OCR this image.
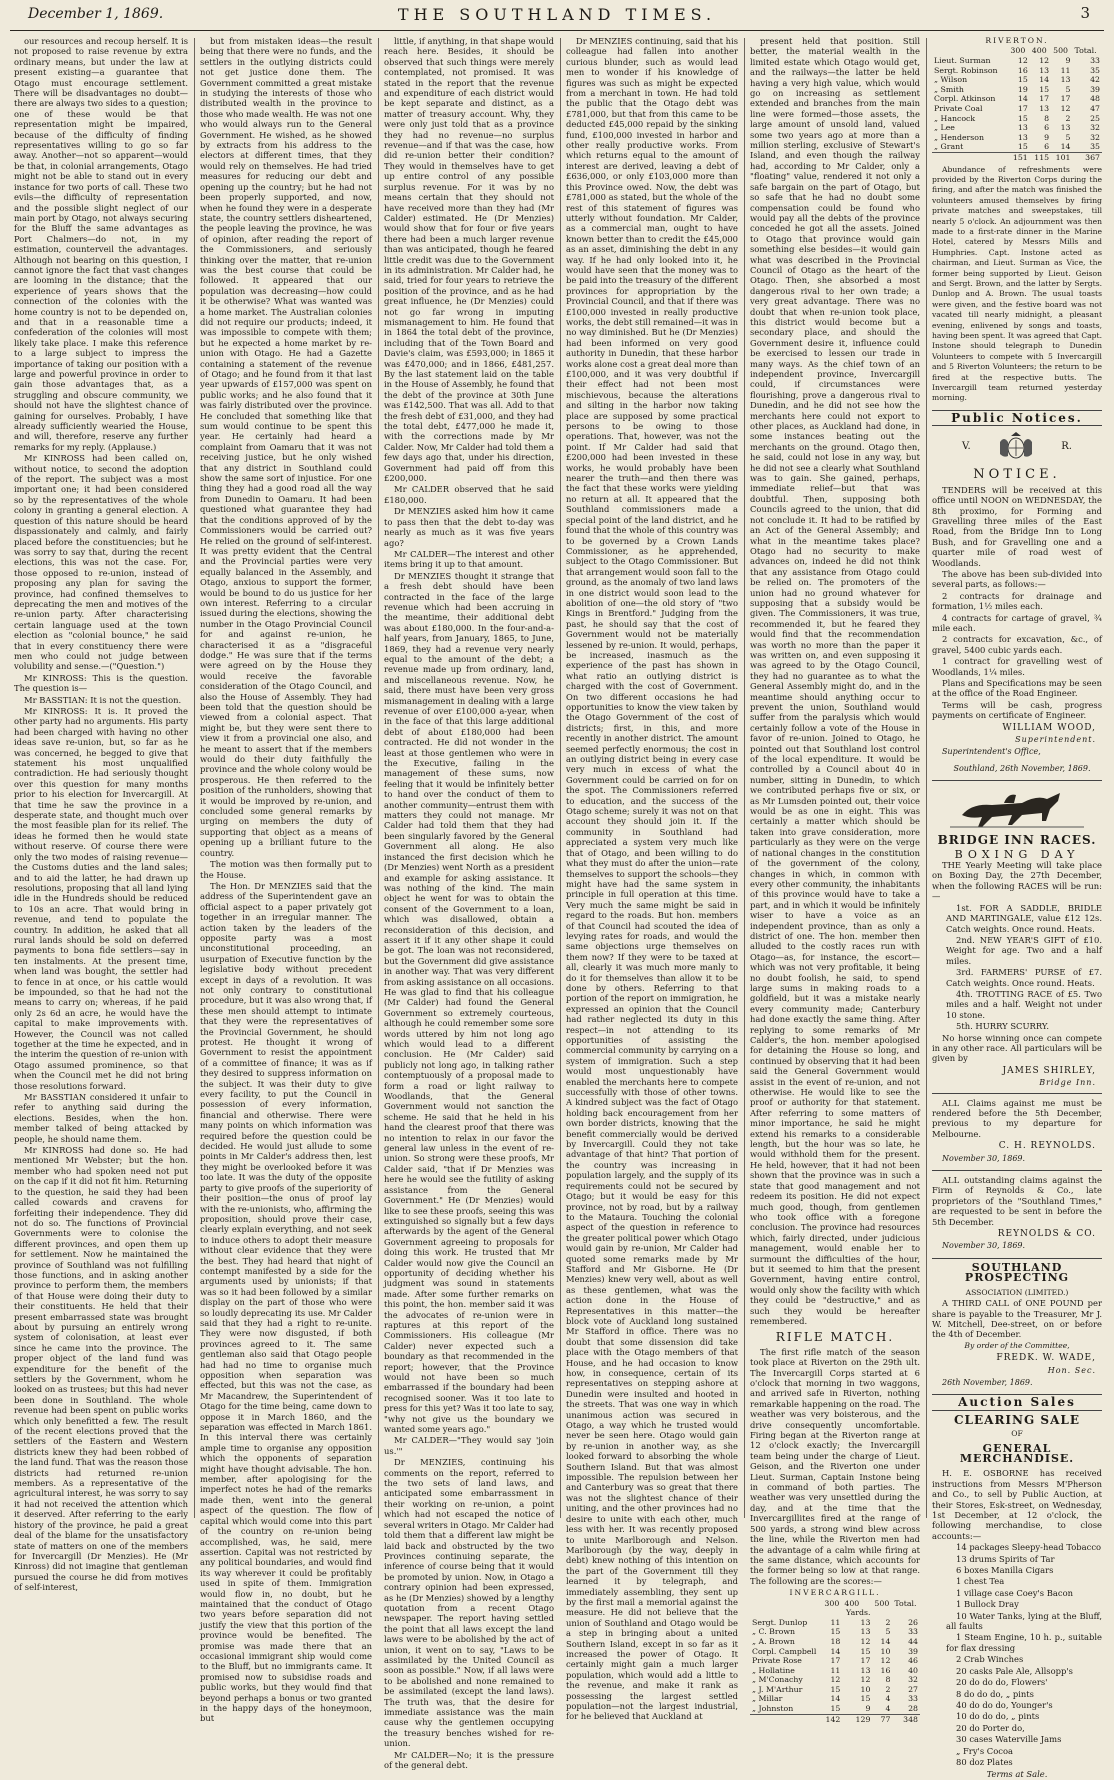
December 1, 1869.	THE SOUTHLAND TIMES.	3

our resources and recoup herself. It is not proposed to raise revenue by extra ordinary means, but under the law at present existing—a guarantee that Otago must encourage settlement. There will be disadvantages no doubt—there are always two sides to a question; one of these would be that representation might be impaired, because of the difficulty of finding representatives willing to go so far away. Another—not so apparent—would be that, in colonial arrangements, Otago might not be able to stand out in every instance for two ports of call. These two evils—the difficulty of representation and the possible slight neglect of our main port by Otago, not always securing for the Bluff the same advantages as Port Chalmers—do not, in my estimation, counterveil the advantages. Although not bearing on this question, I cannot ignore the fact that vast changes are looming in the distance; that the experience of years shows that the connection of the colonies with the home country is not to be depended on, and that in a reasonable time a confederation of the colonies will most likely take place. I make this reference to a large subject to impress the importance of taking our position with a large and powerful province in order to gain those advantages that, as a struggling and obscure community, we should not have the slightest chance of gaining for ourselves. Probably, I have already sufficiently wearied the House, and will, therefore, reserve any further remarks for my reply. (Applause.)

Mr KINROSS had been called on, without notice, to second the adoption of the report. The subject was a most important one; it had been considered so by the representatives of the whole colony in granting a general election. A question of this nature should be heard dispassionately and calmly, and fairly placed before the constituencies; but he was sorry to say that, during the recent elections, this was not the case. For, those opposed to re-union, instead of proposing any plan for saving the province, had confined themselves to deprecating the men and motives of the re-union party. After characterising certain language used at the town election as "colonial bounce," he said that in every constituency there were men who could not judge between volubility and sense.—("Question.")

Mr KINROSS: This is the question. The question is—

Mr BASSTIAN: It is not the question.

Mr KINROSS: It is. It proved the other party had no arguments. His party had been charged with having no other ideas save re-union, but, so far as he was concerned, he begged to give that statement his most unqualified contradiction. He had seriously thought over this question for many months prior to his election for Invercargill. At that time he saw the province in a desperate state, and thought much over the most feasible plan for its relief. The ideas he formed then he would state without reserve. Of course there were only the two modes of raising revenue—the Customs duties and the land sales; and to aid the latter, he had drawn up resolutions, proposing that all land lying idle in the Hundreds should be reduced to 10s an acre. That would bring in revenue, and tend to populate the country. In addition, he asked that all rural lands should be sold on deferred payments to bona fide settlers—say in ten instalments. At the present time, when land was bought, the settler had to fence in at once, or his cattle would be impounded, so that he had not the means to carry on; whereas, if he paid only 2s 6d an acre, he would have the capital to make improvements with. However, the Council was not called together at the time he expected, and in the interim the question of re-union with Otago assumed prominence, so that when the Council met he did not bring those resolutions forward.

Mr BASSTIAN considered it unfair to refer to anything said during the elections. Besides, when the hon. member talked of being attacked by people, he should name them.

Mr KINROSS had done so. He had mentioned Mr Webster; but the hon. member who had spoken need not put on the cap if it did not fit him. Returning to the question, he said they had been called cowards and cravens for forfeiting their independence. They did not do so. The functions of Provincial Governments were to colonise the different provinces, and open them up for settlement. Now he maintained the province of Southland was not fulfilling those functions, and in asking another province to perform them, the members of that House were doing their duty to their constituents. He held that their present embarrassed state was brought about by pursuing an entirely wrong system of colonisation, at least ever since he came into the province. The proper object of the land fund was expenditure for the benefit of the settlers by the Government, whom he looked on as trustees; but this had never been done in Southland. The whole revenue had been spent on public works which only benefitted a few. The result of the recent elections proved that the settlers of the Eastern and Western districts knew they had been robbed of the land fund. That was the reason those districts had returned re-union members. As a representative of the agricultural interest, he was sorry to say it had not received the attention which it deserved. After referring to the early history of the province, he paid a great deal of the blame for the unsatisfactory state of matters on one of the members for Invercargill (Dr Menzies). He (Mr Kinross) did not imagine that gentleman pursued the course he did from motives of self-interest,

but from mistaken ideas—the result being that there were no funds, and the settlers in the outlying districts could not get justice done them. The Government committed a great mistake in studying the interests of those who distributed wealth in the province to those who made wealth. He was not one who would always run to the General Government. He wished, as he showed by extracts from his address to the electors at different times, that they would rely on themselves. He had tried measures for reducing our debt and opening up the country; but he had not been properly supported, and now, when he found they were in a desperate state, the country settlers disheartened, the people leaving the province, he was of opinion, after reading the report of the Commissioners, and seriously thinking over the matter, that re-union was the best course that could be followed. It appeared that our population was decreasing—how could it be otherwise? What was wanted was a home market. The Australian colonies did not require our products; indeed, it was impossible to compete with them; but he expected a home market by re-union with Otago. He had a Gazette containing a statement of the revenue of Otago; and he found from it that last year upwards of £157,000 was spent on public works; and he also found that it was fairly distributed over the province. He concluded that something like that sum would continue to be spent this year. He certainly had heard a complaint from Oamaru that it was not receiving justice, but he only wished that any district in Southland could show the same sort of injustice. For one thing they had a good road all the way from Dunedin to Oamaru. It had been questioned what guarantee they had that the conditions approved of by the Commissioners would be carried out? He relied on the ground of self-interest. It was pretty evident that the Central and the Provincial parties were very equally balanced in the Assembly, and Otago, anxious to support the former, would be bound to do us justice for her own interest. Referring to a circular issued during the elections, showing the number in the Otago Provincial Council for and against re-union, he characterised it as a "disgraceful dodge." He was sure that if the terms were agreed on by the House they would receive the favorable consideration of the Otago Council, and also the House of Assembly. They had been told that the question should be viewed from a colonial aspect. That might be, but they were sent there to view it from a provincial one also, and he meant to assert that if the members would do their duty faithfully the province and the whole colony would be prosperous. He then referred to the position of the runholders, showing that it would be improved by re-union, and concluded some general remarks by urging on members the duty of supporting that object as a means of opening up a brilliant future to the country.

The motion was then formally put to the House.

The Hon. Dr MENZIES said that the address of the Superintendent gave an official aspect to a paper privately got together in an irregular manner. The action taken by the leaders of the opposite party was a most unconstitutional proceeding, an usurpation of Executive function by the legislative body without precedent except in days of a revolution. It was not only contrary to constitutional procedure, but it was also wrong that, if these men should attempt to intimate that they were the representatives of the Provincial Government, he should protest. He thought it wrong of Government to resist the appointment of a committee of finance; it was as if they desired to suppress information on the subject. It was their duty to give every facility, to put the Council in possession of every information, financial and otherwise. There were many points on which information was required before the question could be decided. He would just allude to some points in Mr Calder's address then, lest they might be overlooked before it was too late. It was the duty of the opposite party to give proofs of the superiority of their position—the onus of proof lay with the re-unionists, who, affirming the proposition, should prove their case, clearly explain everything, and not seek to induce others to adopt their measure without clear evidence that they were the best. They had heard that night of contempt manifested by a side for the arguments used by unionists; if that was so it had been followed by a similar display on the part of those who were so loudly deprecating its use. Mr Calder said that they had a right to re-unite. They were now disgusted, if both provinces agreed to it. The same gentleman also said that Otago people had had no time to organise much opposition when separation was effected, but this was not the case, as Mr Macandrew, the Superintendent of Otago for the time being, came down to oppose it in March 1860, and the separation was effected in March 1861. In this interval there was certainly ample time to organise any opposition which the opponents of separation might have thought advisable. The hon. member, after apologising for the imperfect notes he had of the remarks made then, went into the general aspect of the question. The flow of capital which would come into this part of the country on re-union being accomplished, was, he said, mere assertion. Capital was not restricted by any political boundaries, and would find its way wherever it could be profitably used in spite of them. Immigration would flow in, no doubt, but he maintained that the conduct of Otago two years before separation did not justify the view that this portion of the province would be benefited. The promise was made there that an occasional immigrant ship would come to the Bluff, but no immigrants came. It promised now to subsidise roads and public works, but they would find that beyond perhaps a bonus or two granted in the happy days of the honeymoon, but

little, if anything, in that shape would reach here. Besides, it should be observed that such things were merely contemplated, not promised. It was stated in the report that the revenue and expenditure of each district would be kept separate and distinct, as a matter of treasury account. Why, they were only just told that as a province they had no revenue—no surplus revenue—and if that was the case, how did re-union better their condition? They would in themselves have to get up entire control of any possible surplus revenue. For it was by no means certain that they should not have received more than they had (Mr Calder) estimated. He (Dr Menzies) would show that for four or five years there had been a much larger revenue than was anticipated, though he feared little credit was due to the Government in its administration. Mr Calder had, he said, tried for four years to retrieve the position of the province, and as he had great influence, he (Dr Menzies) could not go far wrong in imputing mismanagement to him. He found that in 1864 the total debt of the province, including that of the Town Board and Davie's claim, was £593,000; in 1865 it was £470,000; and in 1866, £481,257. By the last statement laid on the table in the House of Assembly, he found that the debt of the province at 30th June was £142,500. That was all. Add to that the fresh debt of £31,000, and they had the total debt, £477,000 he made it, with the corrections made by Mr Calder. Now, Mr Calder had told them a few days ago that, under his direction, Government had paid off from this £200,000.

Mr CALDER observed that he said £180,000.

Dr MENZIES asked him how it came to pass then that the debt to-day was nearly as much as it was five years ago?

Mr CALDER—The interest and other items bring it up to that amount.

Dr MENZIES thought it strange that a fresh debt should have been contracted in the face of the large revenue which had been accruing in the meantime, their additional debt was about £180,000. In the four-and-a-half years, from January, 1865, to June, 1869, they had a revenue very nearly equal to the amount of the debt; a revenue made up from ordinary, land, and miscellaneous revenue. Now, he said, there must have been very gross mismanagement in dealing with a large revenue of over £100,000 a-year, when in the face of that this large additional debt of about £180,000 had been contracted. He did not wonder in the least at those gentlemen who were in the Executive, failing in the management of these sums, now feeling that it would be infinitely better to hand over the conduct of them to another community—entrust them with matters they could not manage. Mr Calder had told them that they had been singularly favored by the General Government all along. He also instanced the first decision which he (Dr Menzies) went North as a president and example for asking assistance. It was nothing of the kind. The main object he went for was to obtain the consent of the Government to a loan, which was disallowed, obtain a reconsideration of this decision, and assert it if it any other shape it could be got. The loan was not reconsidered, but the Government did give assistance in another way. That was very different from asking assistance on all occasions. He was glad to find that his colleague (Mr Calder) had found the General Government so extremely courteous, although he could remember some sore words uttered by him not long ago which would lead to a different conclusion. He (Mr Calder) said publicly not long ago, in talking rather contemptuously of a proposal made to form a road or light railway to Woodlands, that the General Government would not sanction the scheme. He said that he held in his hand the clearest proof that there was no intention to relax in our favor the general law unless in the event of re-union. So strong were these proofs, Mr Calder said, "that if Dr Menzies was here he would see the futility of asking assistance from the General Government." He (Dr Menzies) would like to see these proofs, seeing this was extinguished so signally but a few days afterwards by the agent of the General Government agreeing to proposals for doing this work. He trusted that Mr Calder would now give the Council an opportunity of deciding whether his judgment was sound in statements made. After some further remarks on this point, the hon. member said it was the advocates of re-union were in raptures at this report of the Commissioners. His colleague (Mr Calder) never expected such a boundary as that recommended in the report; however, that the Province would not have been so much embarrassed if the boundary had been recognised sooner. Was it too late to press for this yet? Was it too late to say, "why not give us the boundary we wanted some years ago."

Mr CALDER—"They would say 'join us.'"

Dr MENZIES, continuing his comments on the report, referred to the two sets of land laws, and anticipated some embarrassment in their working on re-union, a point which had not escaped the notice of several writers in Otago. Mr Calder had told them that a different law might be laid back and obstructed by the two Provinces continuing separate, the inference of course being that it would be promoted by union. Now, in Otago a contrary opinion had been expressed, as he (Dr Menzies) showed by a lengthy quotation from a recent Otago newspaper. The report having settled the point that all laws except the land laws were to be abolished by the act of union, it went on to say, "Laws to be assimilated by the United Council as soon as possible." Now, if all laws were to be abolished and none remained to be assimilated (except the land laws). The truth was, that the desire for immediate assistance was the main cause why the gentlemen occupying the treasury benches wished for re-union.

Mr CALDER—No; it is the pressure of the general debt.

Dr MENZIES continuing, said that his colleague had fallen into another curious blunder, such as would lead men to wonder if his knowledge of figures was such as might be expected from a merchant in town. He had told the public that the Otago debt was £781,000, but that from this came to be deducted £45,000 repaid by the sinking fund, £100,000 invested in harbor and other really productive works. From which returns equal to the amount of interest are derived, leaving a debt of £636,000, or only £103,000 more than this Province owed. Now, the debt was £781,000 as stated, but the whole of the rest of this statement of figures was utterly without foundation. Mr Calder, as a commercial man, ought to have known better than to credit the £45,000 as an asset, diminishing the debt in any way. If he had only looked into it, he would have seen that the money was to be paid into the treasury of the different provinces for appropriation by the Provincial Council, and that if there was £100,000 invested in really productive works, the debt still remained—it was in no way diminished. But he (Dr Menzies) had been informed on very good authority in Dunedin, that these harbor works alone cost a great deal more than £100,000, and it was very doubtful if their effect had not been most mischievous, because the alterations and silting in the harbor now taking place are supposed by some practical persons to be owing to those operations. That, however, was not the point. If Mr Calder had said that £200,000 had been invested in these works, he would probably have been nearer the truth—and then there was the fact that these works were yielding no return at all. It appeared that the Southland commissioners made a special point of the land district, and he found that the whole of this country was to be governed by a Crown Lands Commissioner, as he apprehended, subject to the Otago Commissioner. But that arrangement would soon fall to the ground, as the anomaly of two land laws in one district would soon lead to the abolition of one—the old story of "two Kings in Brentford." Judging from the past, he should say that the cost of Government would not be materially lessened by re-union. It would, perhaps, be increased, inasmuch as the experience of the past has shown in what ratio an outlying district is charged with the cost of Government. On two different occasions he had opportunities to know the view taken by the Otago Government of the cost of districts; first, in this, and more recently in another district. The amount seemed perfectly enormous; the cost in an outlying district being in every case very much in excess of what the Government could be carried on for on the spot. The Commissioners referred to education, and the success of the Otago scheme; surely it was not on that account they should join it. If the community in Southland had appreciated a system very much like that of Otago, and been willing to do what they must do after the union—rate themselves to support the schools—they might have had the same system in principle in full operation at this time. Very much the same might be said in regard to the roads. But hon. members of that Council had scouted the idea of levying rates for roads, and would the same objections urge themselves on them now? If they were to be taxed at all, clearly it was much more manly to do it for themselves than allow it to be done by others. Referring to that portion of the report on immigration, he expressed an opinion that the Council had rather neglected its duty in this respect—in not attending to its opportunities of assisting the commercial community by carrying on a system of immigration. Such a step would most unquestionably have enabled the merchants here to compete successfully with those of other towns. A kindred subject was the fact of Otago holding back encouragement from her own border districts, knowing that the benefit commercially would be derived by Invercargill. Could they not take advantage of that hint? That portion of the country was increasing in population largely, and the supply of its requirements could not be secured by Otago; but it would be easy for this province, not by road, but by a railway to the Mataura. Touching the colonial aspect of the question in reference to the greater political power which Otago would gain by re-union, Mr Calder had quoted some remarks made by Mr Stafford and Mr Gisborne. He (Dr Menzies) knew very well, about as well as these gentlemen, what was the action done in the House of Representatives in this matter—the block vote of Auckland long sustained Mr Stafford in office. There was no doubt that some dissension did take place with the Otago members of that House, and he had occasion to know how, in consequence, certain of its representatives on stepping ashore at Dunedin were insulted and hooted in the streets. That was one way in which unanimous action was secured in Otago, a way which he trusted would never be seen here. Otago would gain by re-union in another way, as she looked forward to absorbing the whole Southern Island. But that was almost impossible. The repulsion between her and Canterbury was so great that there was not the slightest chance of their uniting, and the other provinces had no desire to unite with each other, much less with her. It was recently proposed to unite Marlborough and Nelson. Marlborough (by the way, deeply in debt) knew nothing of this intention on the part of the Government till they learned it by telegraph, and immediately assembling, they sent up by the first mail a memorial against the measure. He did not believe that the union of Southland and Otago would be a step in bringing about a united Southern Island, except in so far as it increased the power of Otago. It certainly might gain a much larger population, which would add a little to the revenue, and make it rank as possessing the largest settled population—not the largest industrial, for he believed that Auckland at

present held that position. Still better, the material wealth in the limited estate which Otago would get, and the railways—the latter be held having a very high value, which would go on increasing as settlement extended and branches from the main line were formed—those assets, the large amount of unsold land, valued some two years ago at more than a million sterling, exclusive of Stewart's Island, and even though the railway had, according to Mr Calder, only a "floating" value, rendered it not only a safe bargain on the part of Otago, but so safe that he had no doubt some compensation could be found who would pay all the debts of the province conceded he got all the assets. Joined to Otago that province would gain something else besides—it would gain what was described in the Provincial Council of Otago as the heart of the Otago. Then, she absorbed a most dangerous rival to her own trade; a very great advantage. There was no doubt that when re-union took place, this district would become but a secondary place, and should the Government desire it, influence could be exercised to lessen our trade in many ways. As the chief town of an independent province, Invercargill could, if circumstances were flourishing, prove a dangerous rival to Dunedin, and he did not see how the merchants here could not export to other places, as Auckland had done, in some instances beating out the merchants on the ground. Otago then, he said, could not lose in any way, but he did not see a clearly what Southland was to gain. She gained, perhaps, immediate relief—but that was doubtful. Then, supposing both Councils agreed to the union, that did not conclude it. It had to be ratified by an Act of the General Assembly; and what in the meantime takes place? Otago had no security to make advances on, indeed he did not think that any assistance from Otago could be relied on. The promoters of the union had no ground whatever for supposing that a subsidy would be given. The Commissioners, it was true, recommended it, but he feared they would find that the recommendation was worth no more than the paper it was written on, and even supposing it was agreed to by the Otago Council, they had no guarantee as to what the General Assembly might do, and in the meantime should anything occur to prevent the union, Southland would suffer from the paralysis which would certainly follow a vote of the House in favor of re-union. Joined to Otago, he pointed out that Southland lost control of the local expenditure. It would be controlled by a Council about 40 in number, sitting in Dunedin, to which we contributed perhaps five or six, or as Mr Lumsden pointed out, their voice would be as one in eight. This was certainly a matter which should be taken into grave consideration, more particularly as they were on the verge of national changes in the constitution of the government of the colony, changes in which, in common with every other community, the inhabitants of this province would have to take a part, and in which it would be infinitely wiser to have a voice as an independent province, than as only a district of one. The hon. member then alluded to the costly races run with Otago—as, for instance, the escort—which was not very profitable, it being no doubt foolish, he said, to spend large sums in making roads to a goldfield, but it was a mistake nearly every community made; Canterbury had done exactly the same thing. After replying to some remarks of Mr Calder's, the hon. member apologised for detaining the House so long, and continued by observing that it had been said the General Government would assist in the event of re-union, and not otherwise. He would like to see the proof or authority for that statement. After referring to some matters of minor importance, he said he might extend his remarks to a considerable length, but the hour was so late, he would withhold them for the present. He held, however, that it had not been shown that the province was in such a state that good management and not redeem its position. He did not expect much good, though, from gentlemen who took office with a foregone conclusion. The province had resources which, fairly directed, under judicious management, would enable her to surmount the difficulties of the hour, but it seemed to him that the present Government, having entire control, would only show the facility with which they could be "destructive," and as such they would be hereafter remembered.

RIFLE MATCH.

The first rifle match of the season took place at Riverton on the 29th ult. The Invercargill Corps started at 6 o'clock that morning in two waggons, and arrived safe in Riverton, nothing remarkable happening on the road. The weather was very boisterous, and the drive consequently uncomfortable. Firing began at the Riverton range at 12 o'clock exactly; the Invercargill team being under the charge of Lieut. Geison, and the Riverton one under Lieut. Surman, Captain Instone being in command of both parties. The weather was very unsettled during the day, and at the time that the Invercargillites fired at the range of 500 yards, a strong wind blew across the line, while the Riverton men had the advantage of a calm while firing at the same distance, which accounts for the former being so low at that range. The following are the scores:—

INVERCARGILL.
	300	400	500	Total.
		Yards.		
Sergt. Dunlop	11	13	2	26
„ C. Brown	15	13	5	33
„ A. Brown	18	12	14	44
Corpl. Campbell	14	15	10	39
Private Rose	17	17	12	46
„ Hollatine	11	13	16	40
„ M'Conachy	12	12	8	32
„ J. M'Arthur	15	10	2	27
„ Millar	14	15	4	33
„ Johnston	15	9	4	28
	142	129	77	348
RIVERTON.
	300	400	500	Total.
Lieut. Surman	12	12	9	33
Sergt. Robinson	16	13	11	35
„ Wilson	15	14	13	42
„ Smith	19	15	5	39
Corpl. Atkinson	14	17	17	48
Private Coal	17	13	12	47
„ Hancock	15	8	2	25
„ Lee	13	6	13	32
„ Henderson	13	9	5	32
„ Grant	15	6	14	35
	151	115	101	367

Abundance of refreshments were provided by the Riverton Corps during the firing, and after the match was finished the volunteers amused themselves by firing private matches and sweepstakes, till nearly 5 o'clock. An adjournment was then made to a first-rate dinner in the Marine Hotel, catered by Messrs Mills and Humphries. Capt. Instone acted as chairman, and Lieut. Surman as Vice, the former being supported by Lieut. Geison and Sergt. Brown, and the latter by Sergts. Dunlop and A. Brown. The usual toasts were given, and the festive board was not vacated till nearly midnight, a pleasant evening, enlivened by songs and toasts, having been spent. It was agreed that Capt. Instone should telegraph to Dunedin Volunteers to compete with 5 Invercargill and 5 Riverton Volunteers; the return to be fired at the respective butts. The Invercargill team returned yesterday morning.

Public Notices.
V.	R.
NOTICE.

TENDERS will be received at this office until NOON on WEDNESDAY, the 8th proximo, for Forming and Gravelling three miles of the East Road, from the Bridge Inn to Long Bush, and for Gravelling one and a quarter mile of road west of Woodlands.

The above has been sub-divided into several parts, as follows:—

2 contracts for drainage and formation, 1½ miles each.

4 contracts for cartage of gravel, ¾ mile each.

2 contracts for excavation, &c., of gravel, 5400 cubic yards each.

1 contract for gravelling west of Woodlands, 1¼ miles.

Plans and Specifications may be seen at the office of the Road Engineer.

Terms will be cash, progress payments on certificate of Engineer.

WILLIAM WOOD,
Superintendent.
Superintendent's Office,
Southland, 26th November, 1869.
BRIDGE INN RACES.
BOXING DAY

THE Yearly Meeting will take place on Boxing Day, the 27th December, when the following RACES will be run:—

1st. FOR A SADDLE, BRIDLE AND MARTINGALE, value £12 12s. Catch weights. Once round. Heats.

2nd. NEW YEAR'S GIFT of £10. Weight for age. Two and a half miles.

3rd. FARMERS' PURSE of £7. Catch weights. Once round. Heats.

4th. TROTTING RACE of £5. Two miles and a half. Weight not under 10 stone.

5th. HURRY SCURRY.

No horse winning once can compete in any other race. All particulars will be given by

JAMES SHIRLEY,
Bridge Inn.

ALL Claims against me must be rendered before the 5th December, previous to my departure for Melbourne.

C. H. REYNOLDS.
November 30, 1869.

ALL outstanding claims against the Firm of Reynolds & Co., late proprietors of the "Southland Times," are requested to be sent in before the 5th December.

REYNOLDS & CO.
November 30, 1869.
SOUTHLAND PROSPECTING
ASSOCIATION (LIMITED.)

A THIRD CALL of ONE POUND per share is payable to the Treasurer, Mr J. W. Mitchell, Dee-street, on or before the 4th of December.

By order of the Committee,
FREDK. W. WADE,
Hon. Sec.
26th November, 1869.
Auction Sales
CLEARING SALE
OF
GENERAL MERCHANDISE.

H. E. OSBORNE has received instructions from Messrs M'Pherson and Co., to sell by Public Auction, at their Stores, Esk-street, on Wednesday, 1st December, at 12 o'clock, the following merchandise, to close accounts:—

14 packages Sleepy-head Tobacco

13 drums Spirits of Tar

6 boxes Manilla Cigars

1 chest Tea

1 village case Coey's Bacon

1 Bullock Dray

10 Water Tanks, lying at the Bluff, all faults

1 Steam Engine, 10 h. p., suitable for flax dressing

2 Crab Winches

20 casks Pale Ale, Allsopp's

20 do do do, Flowers'

8 do do do, „ pints

40 do do do, Younger's

10 do do do, „ pints

20 do Porter do,

30 cases Waterville Jams

„ Fry's Cocoa

80 doz Plates

Terms at Sale.
